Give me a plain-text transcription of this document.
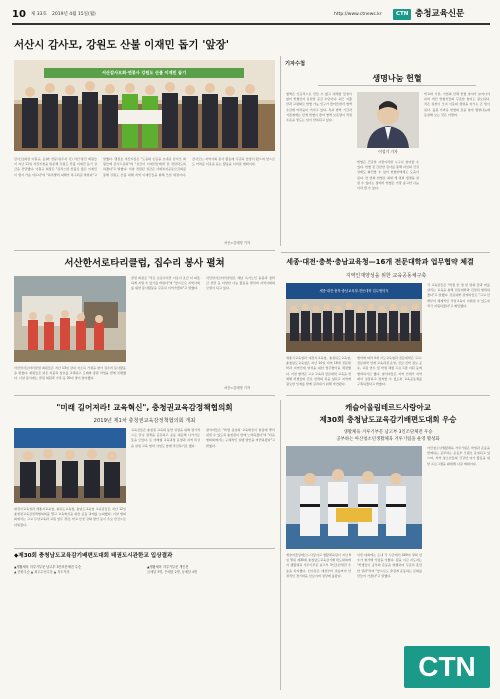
10 제 33호 2019년 4월 15일(월)	http://www.ctnews.kr	CTN 충청교육신문
서산시 감사모, 강원도 산불 이재민 돕기 '앞장'
서산감사모회·연봉사 강원도 산불 이재민 돕기

감사모(회장 이원규, 등)와 연봉사(주지 국) 서산·당진 회원들이 지난 11일 서산시청을 방문해 강원도 산불 이재민 돕기 성금을 전달했다. 이원규 회장은 "갑작스런 산불로 많은 이재민이 생겨 가슴 아프다"며 "하루빨리 피해가 복구되길 바란다"고 말했다. 맹정호 서산시장은 "도움의 손길을 보내준 감사모 회원들께 감사드린다"며 "성금이 이재민들에게 잘 전달되도록 하겠다"고 밝혔다. 이날 전달된 성금은 사회복지공동모금회를 통해 강원도 산불 피해 지역 이재민들을 위해 쓰일 예정이다. 감사모는 지역사회 봉사 활동에 꾸준히 앞장서 왔으며 앞으로도 어려운 이웃을 돕는 활동을 이어갈 계획이다.

서산=김태영 기자
기자수첩
생명나눔 헌혈

혈액은 인공적으로 만들 수 없고 대체할 물질이 없어 헌혈만이 유일한 공급 수단이다. 최근 저출산과 고령화로 헌혈 가능 인구가 줄어들면서 혈액 수급에 어려움이 커지고 있다. 특히 방학 기간과 겨울철에는 단체 헌혈이 줄어 혈액 보유량이 적정 수준을 밑도는 일이 반복되고 있다.

이성기 기자

헌혈은 건강한 사람이라면 누구나 참여할 수 있다. 헌혈 전 간단한 검사를 통해 자신의 건강 상태도 확인할 수 있어 헌혈자에게도 도움이 된다. 한 번의 헌혈로 최대 세 명의 생명을 살릴 수 있다는 점에서 헌혈은 가장 숭고한 나눔이라 할 수 있다.

학교와 기관, 기업의 단체 헌혈 참여가 늘어나야 하며 개인 헌혈자들의 꾸준한 참여도 필요하다. 작은 실천이 모여 이웃의 생명을 지키는 큰 힘이 된다. 올봄 가까운 헌혈의 집을 찾아 생명나눔에 동참해 보는 것은 어떨까.

서산한서로타리클럽, 집수리 봉사 펼쳐

서산한서로타리클럽 회원들은 지난 13일 관내 저소득 가정을 찾아 집수리 봉사활동을 펼쳤다. 회원들은 낡은 지붕과 창호를 교체하고 도배와 장판 작업을 함께 진행했다. 이날 봉사에는 클럽 회원과 가족 등 30여 명이 참여했다.

클럽 회장은 "작은 손길이지만 이웃이 조금 더 따뜻하게 지낼 수 있기를 바란다"며 "앞으로도 지역사회를 위한 봉사활동을 꾸준히 이어가겠다"고 말했다.

서산한서로타리클럽은 매년 독거노인 돌봄과 장학금 전달 등 다양한 나눔 활동을 펼치며 지역사회의 모범이 되고 있다.

서산=김태영 기자
세종·대전·충북·충남교육청—16개 전문대학과 업무협약 체결
지역인재양성을 위한 교육공동체구축
세종·대전·충북·충남교육청-전문대학 업무협약식

각 교육감들은 "학생 한 명 한 명의 꿈과 끼를 살리는 교육을 위해 전문대학과 긴밀히 협력하겠다"고 말했다. 전문대학 관계자들도 "고교 단계부터 체계적인 직업교육이 이뤄질 수 있도록 적극 지원하겠다"고 화답했다.

세종시교육청과 대전시교육청, 충청북도교육청, 충청남도교육청은 지난 10일 지역 16개 전문대학과 지역인재 양성을 위한 업무협약을 체결했다. 이번 협약은 고교 교육과 전문대학 교육을 연계해 학생들의 진로 선택의 폭을 넓히고 지역에 필요한 인재를 함께 길러내기 위해 마련됐다.

협약에 따라 4개 시도교육청과 전문대학은 고교-전문대학 연계 교육과정 운영, 진로·진학 정보 공유, 교원 연수 및 학생 체험 프로그램 지원 등에 협력하기로 했다. 참석자들은 지역 인재가 지역에서 성장하고 정착할 수 있도록 교육공동체를 구축하겠다고 밝혔다.

"미래 길어져라! 교육혁신", 충청권교육감정책협의회
2019년 제1차 충청권교육감정책협의회 개최

대전시교육청과 세종시교육청, 충북도교육청, 충남도교육청 교육감들은 지난 12일 충청권교육감정책협의회를 열고 교육혁신을 위한 공동 과제를 논의했다. 이날 협의회에서는 고교 무상교육과 교원 업무 경감, 학교 안전 강화 방안 등이 주요 안건으로 다뤄졌다.

교육감들은 충청권 교육의 동반 성장을 위해 정기적으로 만나 정책을 공유하고 공동 대응해 나가기로 뜻을 모았다. 또 미래형 교육과정 운영과 지역 특성을 살린 교육 협력 사업도 함께 추진하기로 했다.

참석자들은 "학생 중심의 교육혁신이 현장에 뿌리내릴 수 있도록 충청권이 함께 노력하겠다"며 "다음 협의회에서는 구체적인 실행 방안을 마련하겠다"고 밝혔다.

◆제30회 충청남도교육감기배편도대회 태권도시관한교 입상결과
▲생활체육 겨루기부문 남고부 3인조단체전 우승
▲ 종합우승 ▲ 최우수선수상 ▲ 지도자상
▲생활체육 겨루기부문 개인전
금메달 3명, 은메달 2명, 동메달 4명
캐슬어울림테르드사랑아교
제30회 충청남도교육감기배편도대회 우승
생활체육 겨루기부문 남고부 3인조단체전 우승
공부하는 아산청소년생활체육 겨루기팀을 운영 활성화

아산청소년생활체육 겨루기팀은 학업과 운동을 함께하는 공부하는 운동부 모델로 운영되고 있으며, 지역 청소년들의 건강한 여가 활동을 위한 프로그램을 확대해 나갈 계획이다.

캐슬어울림테르드사랑아교 생활체육팀이 지난 6일 열린 제30회 충청남도교육감기배 편도대회에서 생활체육 겨루기부문 남고부 3인조단체전 우승을 차지했다. 선수들은 예선부터 결승까지 안정적인 경기력을 선보이며 정상에 올랐다.

이번 대회에는 도내 각 시군에서 400여 명의 선수가 참가해 기량을 겨뤘다. 팀을 이끈 지도자는 "학생들이 공부와 운동을 병행하며 꾸준히 훈련한 결과"라며 "앞으로도 즐겁게 운동하는 문화를 만들어 가겠다"고 말했다.

CTN
